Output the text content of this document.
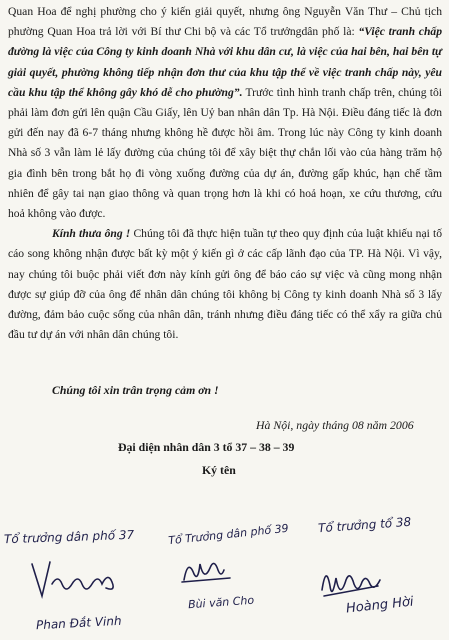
Quan Hoa để nghị phường cho ý kiến giải quyết, nhưng ông Nguyễn Văn Thư – Chủ tịch phường Quan Hoa trả lời với Bí thư Chi bộ và các Tổ trưởngdân phố là: “Việc tranh chấp đường là việc của Công ty kinh doanh Nhà với khu dân cư, là việc của hai bên, hai bên tự giải quyết, phường không tiếp nhận đơn thư của khu tập thể về việc tranh chấp này, yêu cầu khu tập thể không gây khó dễ cho phường”. Trước tình hình tranh chấp trên, chúng tôi phải làm đơn gửi lên quận Cầu Giấy, lên Uỷ ban nhân dân Tp. Hà Nội. Điều đáng tiếc là đơn gửi đến nay đã 6-7 tháng nhưng không hề được hồi âm. Trong lúc này Công ty kinh doanh Nhà số 3 vẫn làm lẻ lấy đường của chúng tôi để xây biệt thự chắn lối vào của hàng trăm hộ gia đình bên trong bắt họ đi vòng xuống đường của dự án, đường gấp khúc, hạn chế tầm nhiên để gây tai nạn giao thông và quan trọng hơn là khi có hoả hoạn, xe cứu thương, cứu hoả không vào được.

Kính thưa ông ! Chúng tôi đã thực hiện tuần tự theo quy định của luật khiếu nại tố cáo song không nhận được bất kỳ một ý kiến gì ở các cấp lãnh đạo của TP. Hà Nội. Vì vậy, nay chúng tôi buộc phải viết đơn này kính gửi ông để báo cáo sự việc và cũng mong nhận được sự giúp đỡ của ông để nhân dân chúng tôi không bị Công ty kinh doanh Nhà số 3 lấy đường, đảm bảo cuộc sống của nhân dân, tránh nhưng điều đáng tiếc có thể xẩy ra giữa chủ đầu tư dự án với nhân dân chúng tôi.

Chúng tôi xin trân trọng cảm ơn !
Hà Nội, ngày tháng 08 năm 2006
Đại diện nhân dân 3 tổ 37 – 38 – 39
Ký tên
Tổ trưởng dân phố 37
Phan Đắt Vinh
Tổ Trưởng dân phố 39
Bùi văn Cho
Tổ trưởng tổ 38
Hoàng Hời
